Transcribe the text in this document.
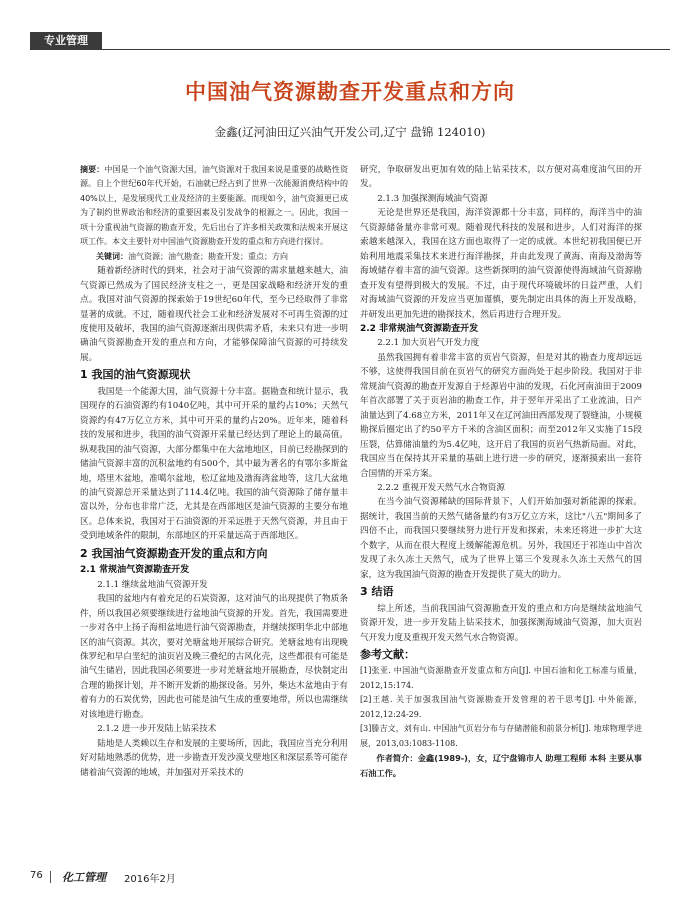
专业管理
中国油气资源勘查开发重点和方向
金鑫(辽河油田辽兴油气开发公司,辽宁 盘锦 124010)

摘要：中国是一个油气资源大国，油气资源对于我国来说是重要的战略性资源。自上个世纪60年代开始，石油就已经占到了世界一次能源消费结构中的40%以上，是发展现代工业及经济的主要能源。而现如今，油气资源更已成为了制约世界政治和经济的重要因素及引发战争的根源之一。因此，我国一项十分重视油气资源的勘查开发，先后出台了许多相关政策和法规来开展这项工作。本文主要针对中国油气资源勘查开发的重点和方向进行探讨。

关键词：油气资源；油气勘查；勘查开发；重点；方向

随着新经济时代的到来，社会对于油气资源的需求量越来越大，油气资源已然成为了国民经济支柱之一，更是国家战略和经济开发的重点。我国对油气资源的探索始于19世纪60年代，至今已经取得了非常显著的成就。不过，随着现代社会工业和经济发展对不可再生资源的过度使用及破坏，我国的油气资源逐渐出现供需矛盾，未来只有进一步明确油气资源勘查开发的重点和方向，才能够保障油气资源的可持续发展。

1 我国的油气资源现状

我国是一个能源大国，油气资源十分丰富。据勘查和统计显示，我国现存的石油资源约有1040亿吨，其中可开采的量约占10%；天然气资源约有47万亿立方米，其中可开采的量约占20%。近年来，随着科技的发展和进步，我国的油气资源开采量已经达到了理论上的最高值。纵观我国的油气资源，大部分都集中在大盆地地区，目前已经勘探到的储油气资源丰富的沉积盆地约有500个，其中最为著名的有鄂尔多斯盆地，塔里木盆地，准噶尔盆地，松辽盆地及渤海湾盆地等，这几大盆地的油气资源总开采量达到了114.4亿吨。我国的油气资源除了储存量丰富以外，分布也非常广泛，尤其是在西部地区是油气资源的主要分布地区。总体来说，我国对于石油资源的开采远胜于天然气资源，并且由于受到地域条件的限制，东部地区的开采量远高于西部地区。

2 我国油气资源勘查开发的重点和方向
2.1 常规油气资源勘查开发
2.1.1 继续盆地油气资源开发

我国的盆地内有着充足的石炭资源，这对油气的出现提供了物质条件，所以我国必须要继续进行盆地油气资源的开发。首先，我国需要进一步对各中上扬子海相盆地进行油气资源勘查，并继续探明华北中部地区的油气资源。其次，要对羌塘盆地开展综合研究。羌塘盆地有出现晚侏罗纪和早白垩纪的油页岩及晚三叠纪的古风化壳，这些都很有可能是油气生储岩，因此我国必须要进一步对羌塘盆地开展勘查，尽快制定出合理的勘探计划，并不断开发新的勘探设备。另外，柴达木盆地由于有着有力的石炭优势，因此也可能是油气生成的重要地带，所以也需继续对该地进行勘查。

2.1.2 进一步开发陆上钻采技术

陆地是人类赖以生存和发展的主要场所，因此，我国应当充分利用好对陆地熟悉的优势，进一步勘查开发沙漠戈壁地区和深层系等可能存储着油气资源的地域，并加强对开采技术的

研究，争取研发出更加有效的陆上钻采技术，以方便对高难度油气田的开发。

2.1.3 加强探测海域油气资源

无论是世界还是我国，海洋资源都十分丰富，同样的，海洋当中的油气资源储备量亦非常可观。随着现代科技的发展和进步，人们对海洋的探索越来越深入，我国在这方面也取得了一定的成就。本世纪初我国便已开始利用地震采集技术来进行海洋勘探，并由此发现了黄海、南海及渤海等海域储存着丰富的油气资源。这些新探明的油气资源使得海域油气资源勘查开发有望得到极大的发展。不过，由于现代环境破坏的日益严重，人们对海域油气资源的开发应当更加谨慎，要先制定出具体的海上开发战略，并研发出更加先进的勘探技术，然后再进行合理开发。

2.2 非常规油气资源勘查开发
2.2.1 加大页岩气开发力度

虽然我国拥有着非常丰富的页岩气资源，但是对其的勘查力度却远远不够，这使得我国目前在页岩气的研究方面尚处于起步阶段。我国对于非常规油气资源的勘查开发源自于烃源岩中油的发现，石化河南油田于2009年首次部署了关于页岩油的勘查工作，并于翌年开采出了工业流油，日产油量达到了4.68立方米，2011年又在辽河油田西部发现了裂缝油，小规模勘探后圈定出了约50平方千米的含油区面积；而至2012年又实施了15段压裂，估算储油量约为5.4亿吨，这开启了我国的页岩气热新局面。对此，我国应当在保持其开采量的基础上进行进一步的研究，逐渐摸索出一套符合国情的开采方案。

2.2.2 重视开发天然气水合物资源

在当今油气资源稀缺的国际背景下，人们开始加强对新能源的探索。据统计，我国当前的天然气储备量约有3万亿立方米，这比"八五"期间多了四倍不止，而我国只要继续努力进行开发和探索，未来还将进一步扩大这个数字，从而在很大程度上缓解能源危机。另外，我国还于祁连山中首次发现了永久冻土天然气，成为了世界上第三个发现永久冻土天然气的国家，这为我国油气资源的勘查开发提供了莫大的助力。

3 结语

综上所述，当前我国油气资源勘查开发的重点和方向是继续盆地油气资源开发，进一步开发陆上钻采技术，加强探测海域油气资源，加大页岩气开发力度及重视开发天然气水合物资源。

参考文献：

[1]张亚. 中国油气资源勘查开发重点和方向[J]. 中国石油和化工标准与质量，2012,15:174.

[2]王越. 关于加强我国油气资源勘查开发管理的若干思考[J]. 中外能源，2012,12:24-29.

[3]滕吉文，刘有山. 中国油气页岩分布与存储潜能和前景分析[J]. 地球物理学进展，2013,03:1083-1108.

作者简介：金鑫(1989-)，女，辽宁盘锦市人 助理工程师 本科 主要从事石油工作。

76 化工管理 2016年2月
